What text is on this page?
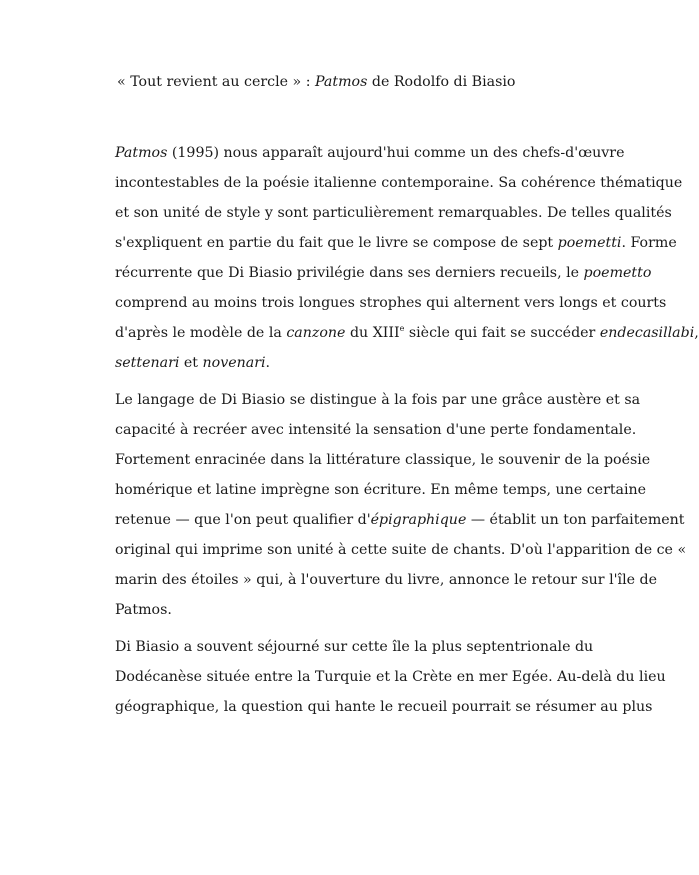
« Tout revient au cercle » : Patmos de Rodolfo di Biasio
Patmos (1995) nous apparaît aujourd'hui comme un des chefs-d'œuvre
incontestables de la poésie italienne contemporaine. Sa cohérence thématique
et son unité de style y sont particulièrement remarquables. De telles qualités
s'expliquent en partie du fait que le livre se compose de sept poemetti. Forme
récurrente que Di Biasio privilégie dans ses derniers recueils, le poemetto
comprend au moins trois longues strophes qui alternent vers longs et courts
d'après le modèle de la canzone du XIIIe siècle qui fait se succéder endecasillabi,
settenari et novenari.
Le langage de Di Biasio se distingue à la fois par une grâce austère et sa
capacité à recréer avec intensité la sensation d'une perte fondamentale.
Fortement enracinée dans la littérature classique, le souvenir de la poésie
homérique et latine imprègne son écriture. En même temps, une certaine
retenue — que l'on peut qualifier d'épigraphique — établit un ton parfaitement
original qui imprime son unité à cette suite de chants. D'où l'apparition de ce «
marin des étoiles » qui, à l'ouverture du livre, annonce le retour sur l'île de
Patmos.
Di Biasio a souvent séjourné sur cette île la plus septentrionale du
Dodécanèse située entre la Turquie et la Crète en mer Egée. Au-delà du lieu
géographique, la question qui hante le recueil pourrait se résumer au plus
